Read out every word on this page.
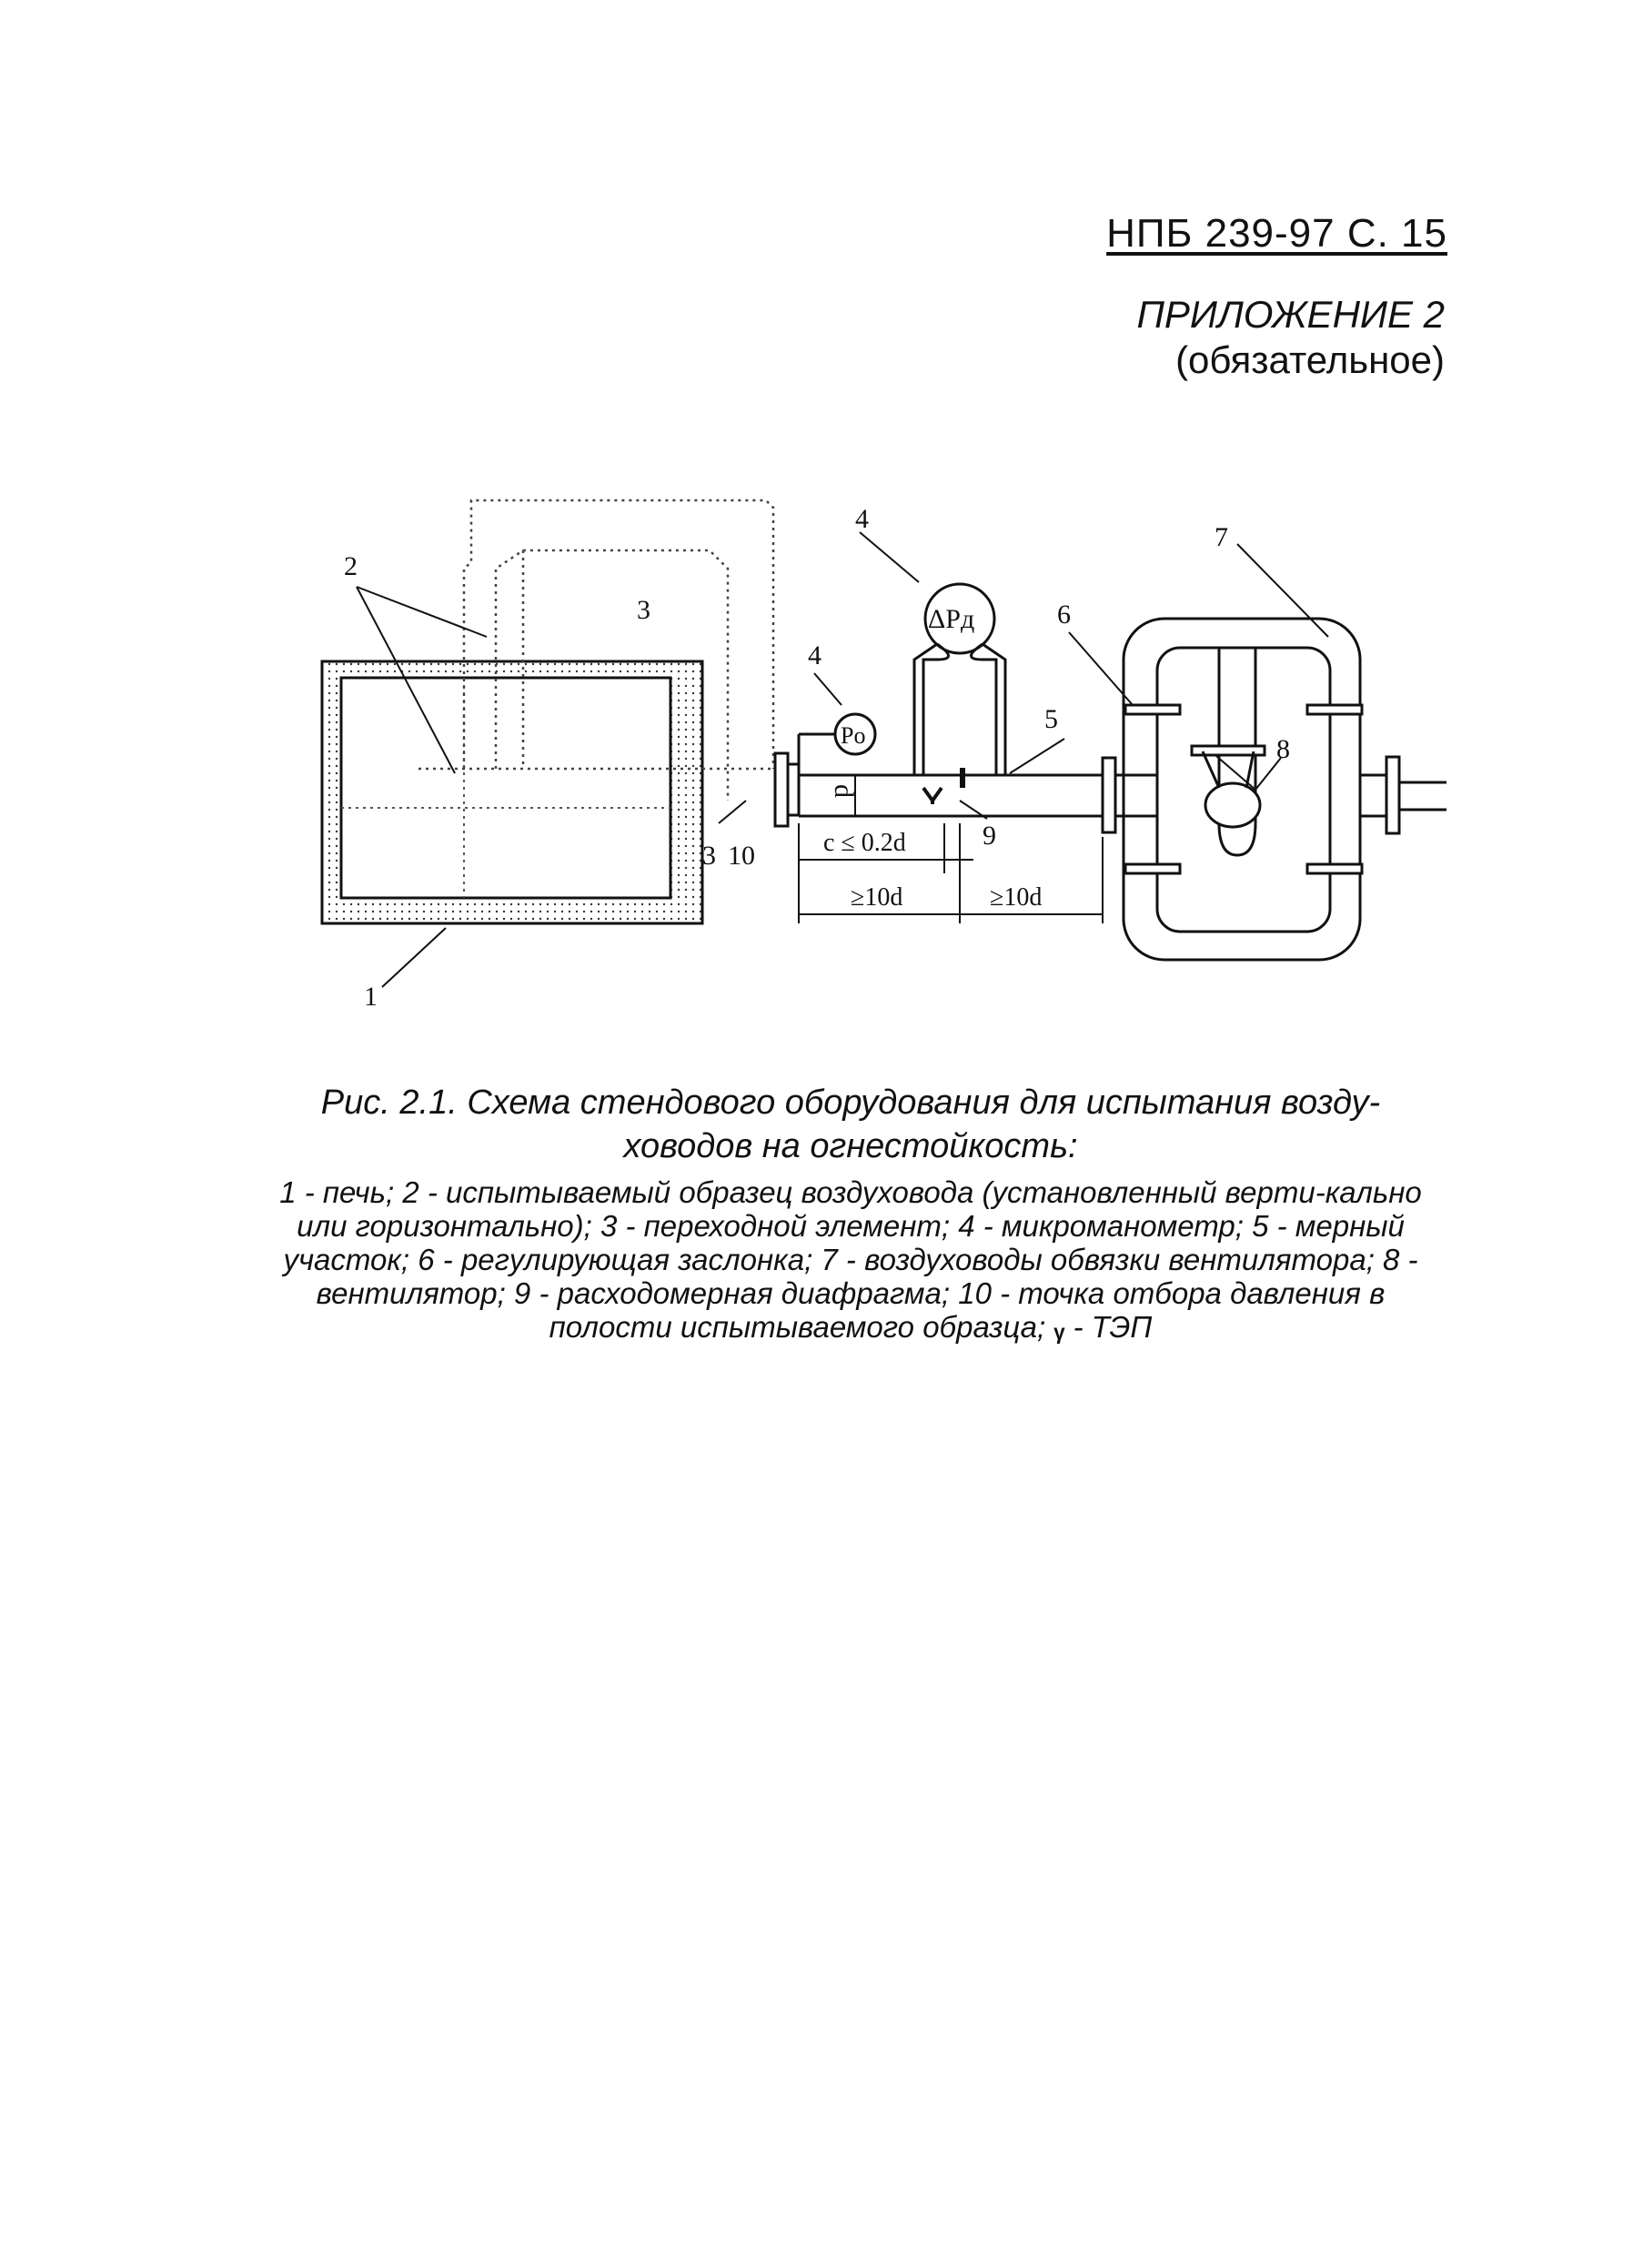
НПБ 239-97 С. 15
ПРИЛОЖЕНИЕ 2
(обязательное)
1
2
3
3 10
4
4
5
6
7
8
9
ΔPд
Po
d
c ≤ 0.2d
≥10d	≥10d
Рис. 2.1. Схема стендового оборудования для испытания возду-ховодов на огнестойкость:
1 - печь; 2 - испытываемый образец воздуховода (установленный верти-кально или горизонтально); 3 - переходной элемент; 4 - микроманометр; 5 - мерный участок; 6 - регулирующая заслонка; 7 - воздуховоды обвязки вентилятора; 8 - вентилятор; 9 - расходомерная диафрагма; 10 - точка отбора давления в полости испытываемого образца; ᵧ - ТЭП
